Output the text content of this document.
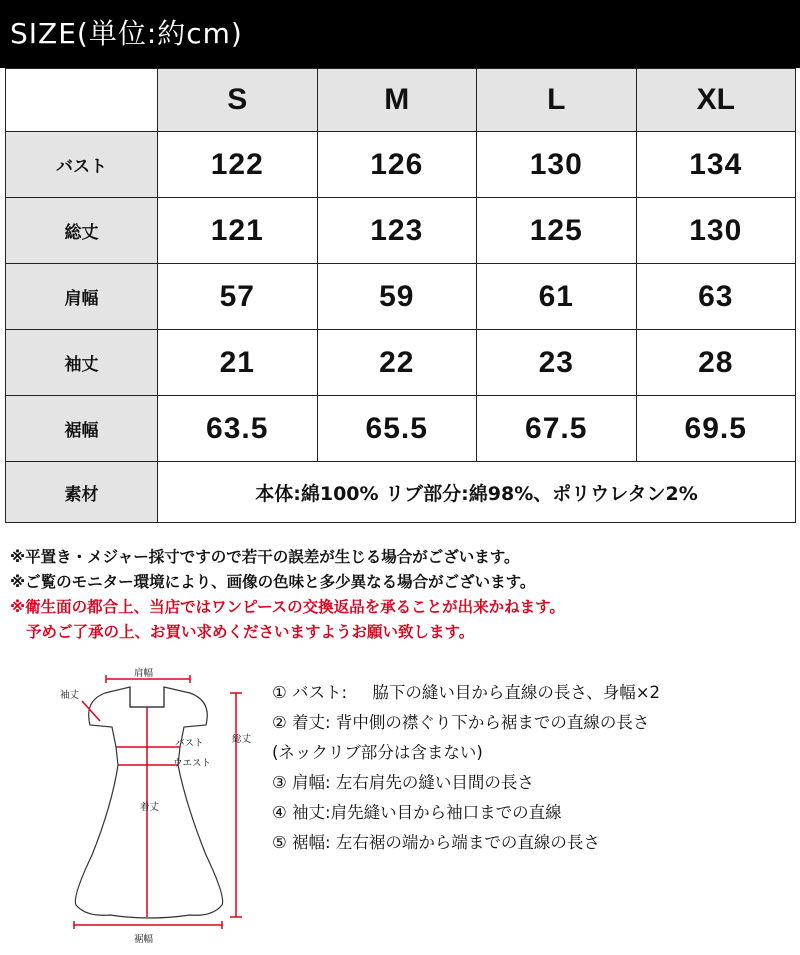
SIZE(単位:約cm)
	S	M	L	XL
バスト	122	126	130	134
総丈	121	123	125	130
肩幅	57	59	61	63
袖丈	21	22	23	28
裾幅	63.5	65.5	67.5	69.5
素材	本体:綿100% リブ部分:綿98%、ポリウレタン2%			
※平置き・メジャー採寸ですので若干の誤差が生じる場合がございます。
※ご覧のモニター環境により、画像の色味と多少異なる場合がございます。
※衛生面の都合上、当店ではワンピースの交換返品を承ることが出来かねます。
予めご了承の上、お買い求めくださいますようお願い致します。
肩幅
袖丈
バスト
ウエスト
総丈
着丈
裾幅
① バスト: 脇下の縫い目から直線の長さ、身幅×2
② 着丈: 背中側の襟ぐり下から裾までの直線の長さ
(ネックリブ部分は含まない)
③ 肩幅: 左右肩先の縫い目間の長さ
④ 袖丈:肩先縫い目から袖口までの直線
⑤ 裾幅: 左右裾の端から端までの直線の長さ
